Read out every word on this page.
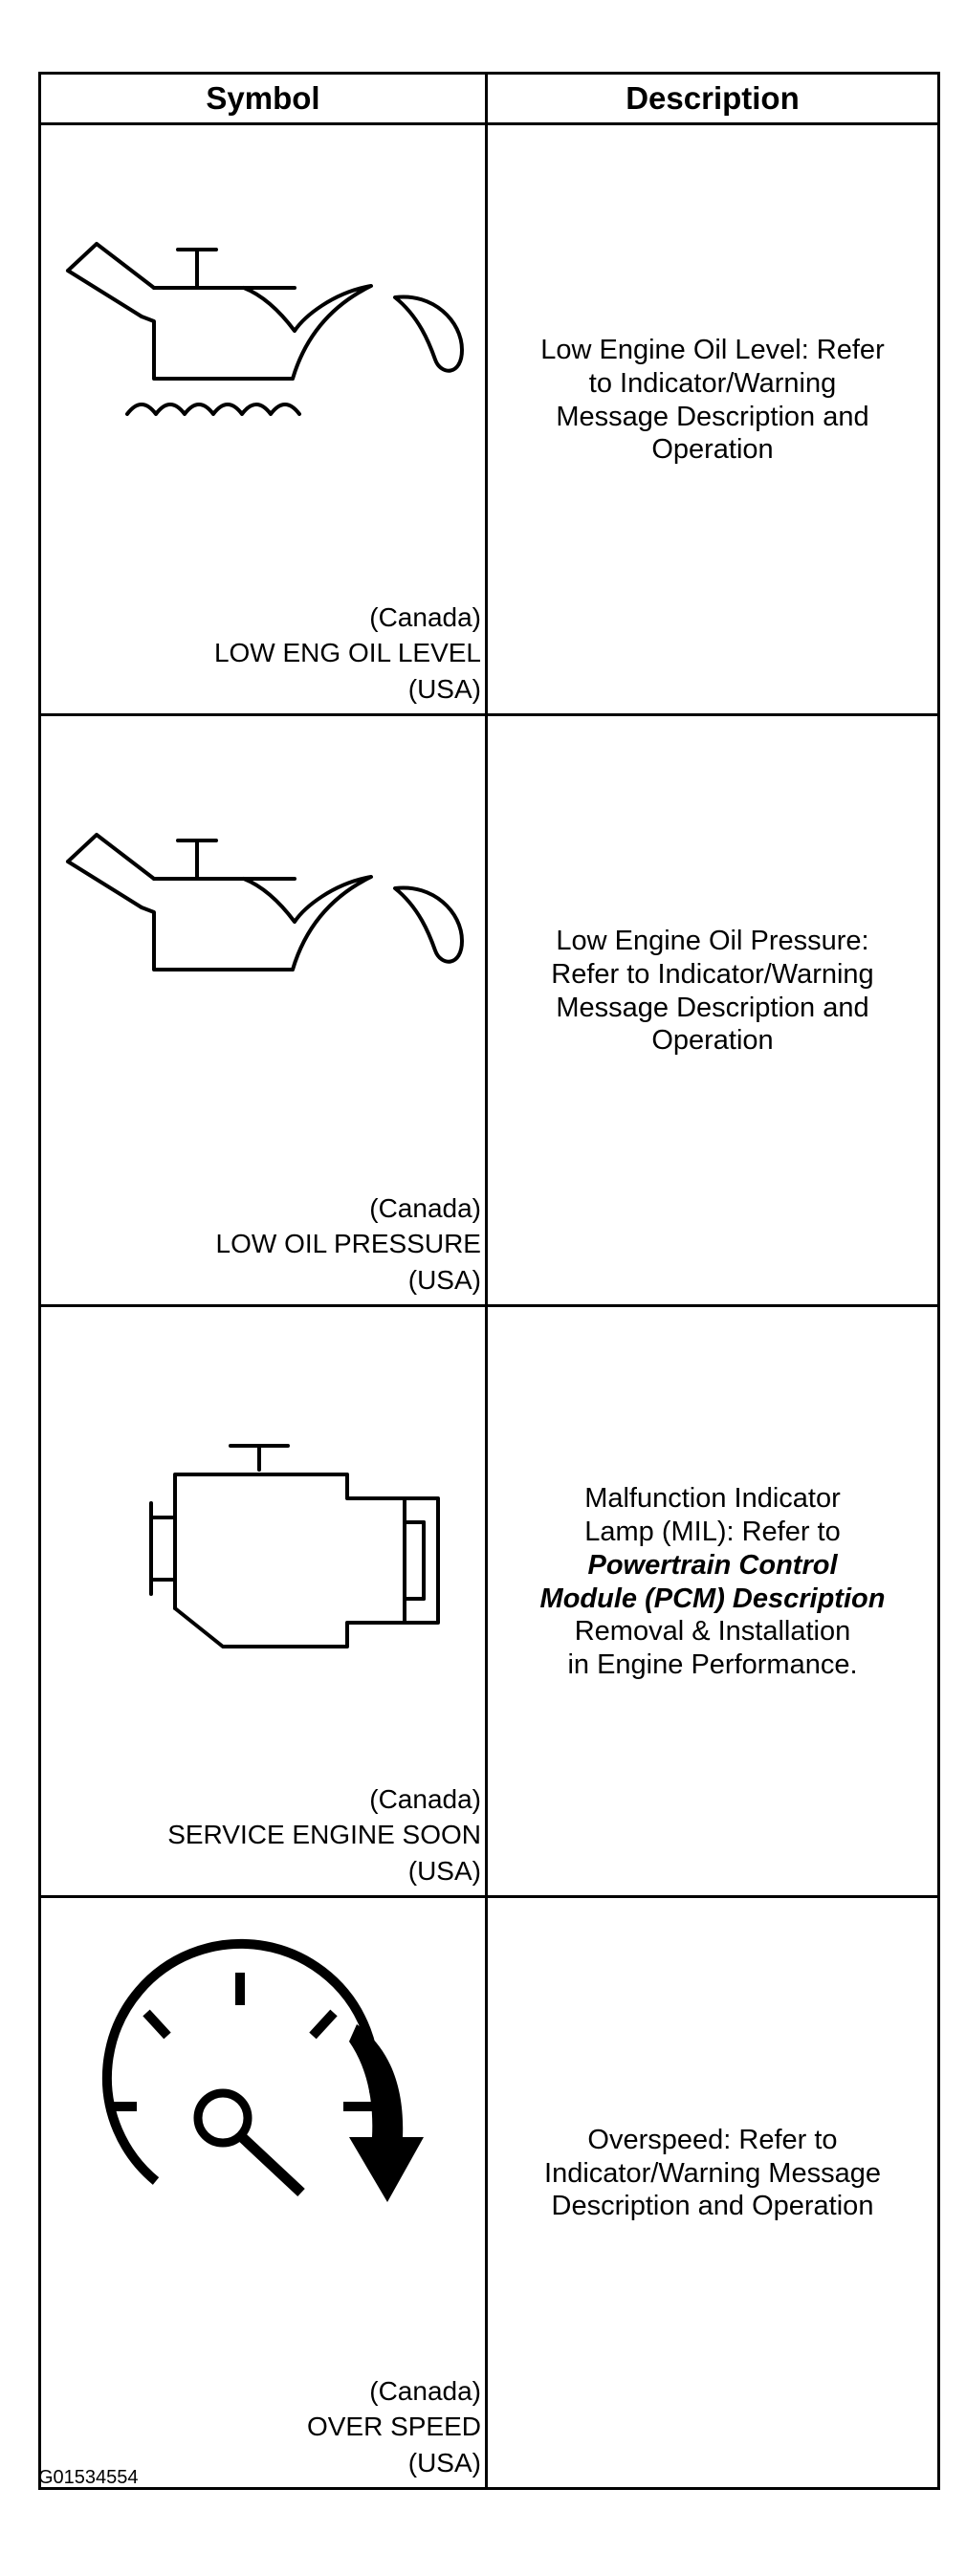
Symbol	Description
(Canada)
LOW ENG OIL LEVEL
(USA)
Low Engine Oil Level: Refer
to Indicator/Warning
Message Description and
Operation
(Canada)
LOW OIL PRESSURE
(USA)
Low Engine Oil Pressure:
Refer to Indicator/Warning
Message Description and
Operation
(Canada)
SERVICE ENGINE SOON
(USA)
Malfunction Indicator
Lamp (MIL): Refer to
Powertrain Control
Module (PCM) Description
Removal & Installation
in Engine Performance.
(Canada)
OVER SPEED
(USA)
Overspeed: Refer to
Indicator/Warning Message
Description and Operation
G01534554
